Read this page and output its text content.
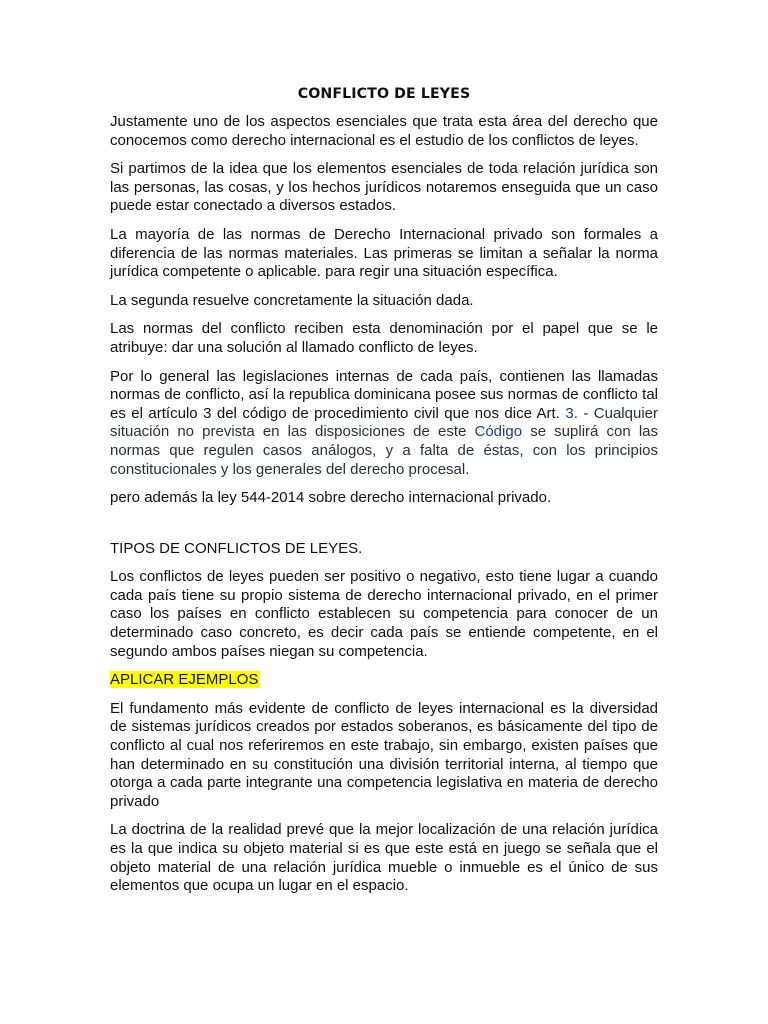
CONFLICTO DE LEYES

Justamente uno de los aspectos esenciales que trata esta área del derecho que conocemos como derecho internacional es el estudio de los conflictos de leyes.

Si partimos de la idea que los elementos esenciales de toda relación jurídica son las personas, las cosas, y los hechos jurídicos notaremos enseguida que un caso puede estar conectado a diversos estados.

La mayoría de las normas de Derecho Internacional privado son formales a diferencia de las normas materiales. Las primeras se limitan a señalar la norma jurídica competente o aplicable. para regir una situación específica.

La segunda resuelve concretamente la situación dada.

Las normas del conflicto reciben esta denominación por el papel que se le atribuye: dar una solución al llamado conflicto de leyes.

Por lo general las legislaciones internas de cada país, contienen las llamadas normas de conflicto, así la republica dominicana posee sus normas de conflicto tal es el artículo 3 del código de procedimiento civil que nos dice Art. 3. - Cualquier situación no prevista en las disposiciones de este Código se suplirá con las normas que regulen casos análogos, y a falta de éstas, con los principios constitucionales y los generales del derecho procesal.

pero además la ley 544-2014 sobre derecho internacional privado.

TIPOS DE CONFLICTOS DE LEYES.

Los conflictos de leyes pueden ser positivo o negativo, esto tiene lugar a cuando cada país tiene su propio sistema de derecho internacional privado, en el primer caso los países en conflicto establecen su competencia para conocer de un determinado caso concreto, es decir cada país se entiende competente, en el segundo ambos países niegan su competencia.

APLICAR EJEMPLOS

El fundamento más evidente de conflicto de leyes internacional es la diversidad de sistemas jurídicos creados por estados soberanos, es básicamente del tipo de conflicto al cual nos referiremos en este trabajo, sin embargo, existen países que han determinado en su constitución una división territorial interna, al tiempo que otorga a cada parte integrante una competencia legislativa en materia de derecho privado

La doctrina de la realidad prevé que la mejor localización de una relación jurídica es la que indica su objeto material si es que este está en juego se señala que el objeto material de una relación jurídica mueble o inmueble es el único de sus elementos que ocupa un lugar en el espacio.
